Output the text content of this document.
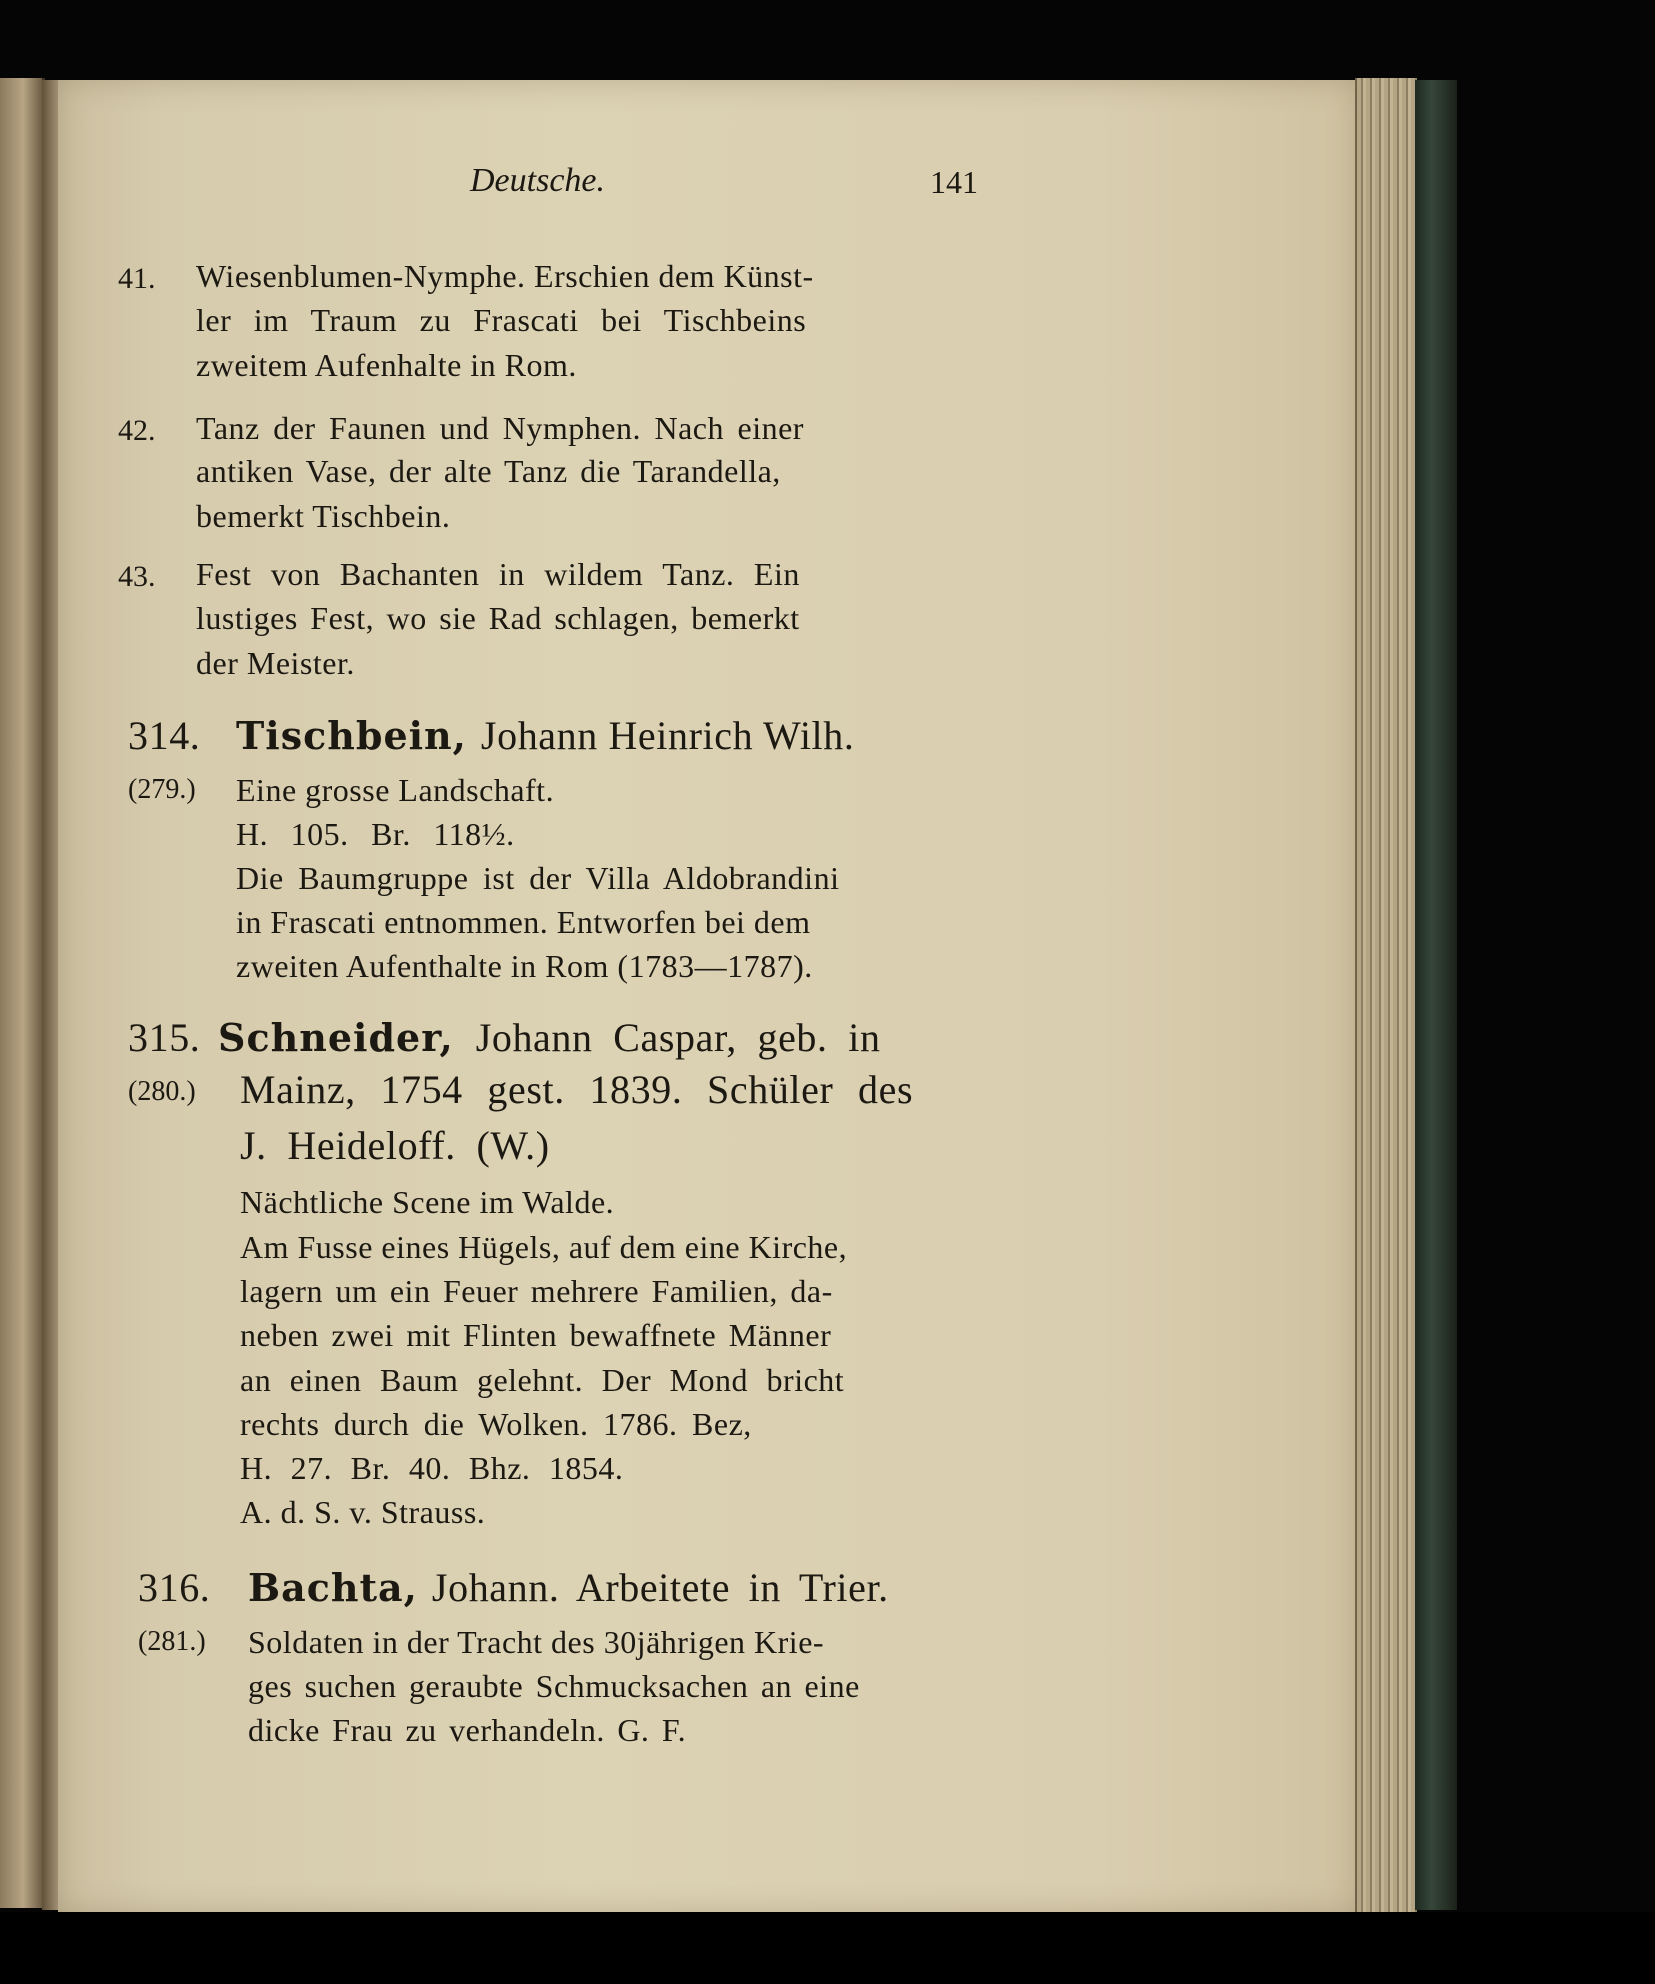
Deutsche.	141
41. Wiesenblumen-Nymphe. Erschien dem Künst-
ler im Traum zu Frascati bei Tischbeins
zweitem Aufenhalte in Rom.
42. Tanz der Faunen und Nymphen. Nach einer
antiken Vase, der alte Tanz die Tarandella,
bemerkt Tischbein.
43. Fest von Bachanten in wildem Tanz. Ein
lustiges Fest, wo sie Rad schlagen, bemerkt
der Meister.
314. Tischbein, Johann Heinrich Wilh.
(279.) Eine grosse Landschaft.
H. 105. Br. 118½.
Die Baumgruppe ist der Villa Aldobrandini
in Frascati entnommen. Entworfen bei dem
zweiten Aufenthalte in Rom (1783—1787).
315. Schneider, Johann Caspar, geb. in
(280.) Mainz, 1754 gest. 1839. Schüler des
J. Heideloff. (W.)
Nächtliche Scene im Walde.
Am Fusse eines Hügels, auf dem eine Kirche,
lagern um ein Feuer mehrere Familien, da-
neben zwei mit Flinten bewaffnete Männer
an einen Baum gelehnt. Der Mond bricht
rechts durch die Wolken. 1786. Bez,
H. 27. Br. 40. Bhz. 1854.
A. d. S. v. Strauss.
316. Bachta, Johann. Arbeitete in Trier.
(281.) Soldaten in der Tracht des 30jährigen Krie-
ges suchen geraubte Schmucksachen an eine
dicke Frau zu verhandeln. G. F.
